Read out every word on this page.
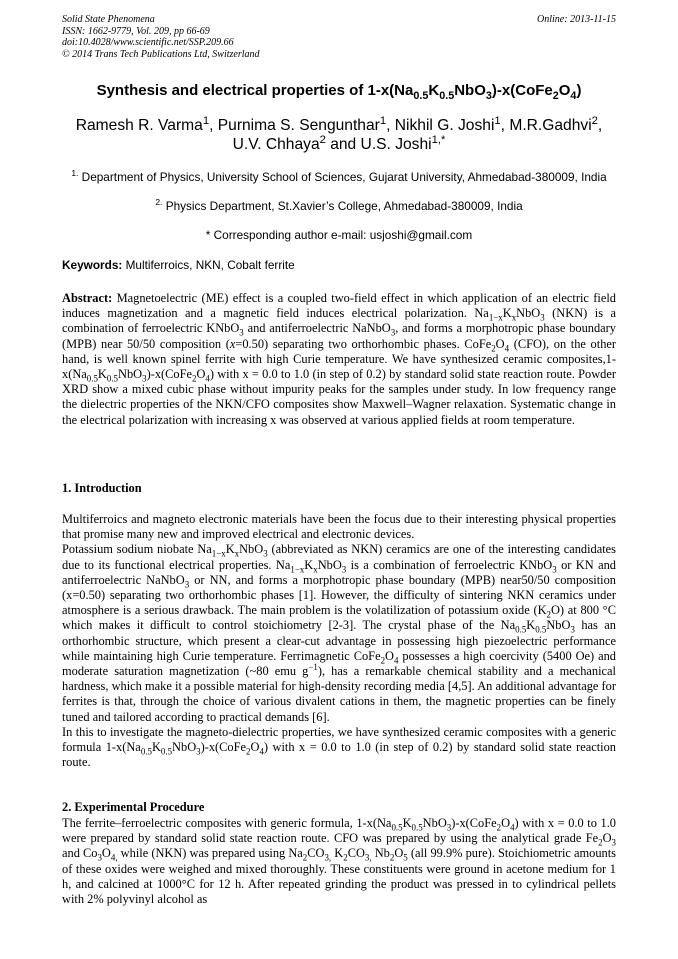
Solid State Phenomena
ISSN: 1662-9779, Vol. 209, pp 66-69
doi:10.4028/www.scientific.net/SSP.209.66
© 2014 Trans Tech Publications Ltd, Switzerland
Online: 2013-11-15
Synthesis and electrical properties of $1-x(Na_{0.5}K_{0.5}NbO_3)-x(CoFe_2O_4)$
Ramesh R. Varma$^1$, Purnima S. Sengunthar$^1$, Nikhil G. Joshi$^1$, M.R.Gadhvi$^2$,
U.V. Chhaya$^2$ and U.S. Joshi$^{1,*}$
$^{1.}$ Department of Physics, University School of Sciences, Gujarat University, Ahmedabad-380009, India
$^{2.}$ Physics Department, St.Xavier’s College, Ahmedabad-380009, India
* Corresponding author e-mail: usjoshi@gmail.com
Keywords: Multiferroics, NKN, Cobalt ferrite
Abstract: Magnetoelectric (ME) effect is a coupled two-field effect in which application of an electric field induces magnetization and a magnetic field induces electrical polarization. $Na_{1-x}K_xNbO_3$ (NKN) is a combination of ferroelectric KNbO$_3$ and antiferroelectric NaNbO$_3$, and forms a morphotropic phase boundary (MPB) near 50/50 composition (x=0.50) separating two orthorhombic phases. $CoFe_2O_4$ (CFO), on the other hand, is well known spinel ferrite with high Curie temperature. We have synthesized ceramic $composites,1-x(Na_{0.5}K_{0.5}NbO_3)-x(CoFe_2O_4)$ with x = 0.0 to 1.0 (in step of 0.2) by standard solid state reaction route. Powder XRD show a mixed cubic phase without impurity peaks for the samples under study. In low frequency range the dielectric properties of the NKN/CFO composites show Maxwell–Wagner relaxation. Systematic change in the electrical polarization with increasing x was observed at various applied fields at room temperature.
1. Introduction

Multiferroics and magneto electronic materials have been the focus due to their interesting physical properties that promise many new and improved electrical and electronic devices.

Potassium sodium niobate $Na_{1-x}K_xNbO_3$ (abbreviated as NKN) ceramics are one of the interesting candidates due to its functional electrical properties. $Na_{1-x}K_xNbO_3$ is a combination of ferroelectric KNbO$_3$ or KN and antiferroelectric NaNbO$_3$ or NN, and forms a morphotropic phase boundary (MPB) near50/50 composition (x=0.50) separating two orthorhombic phases [1]. However, the difficulty of sintering NKN ceramics under atmosphere is a serious drawback. The main problem is the volatilization of potassium oxide $(K_2O)$ at 800 °C which makes it difficult to control stoichiometry [2-3]. The crystal phase of the $Na_{0.5}K_{0.5}NbO_3$ has an orthorhombic structure, which present a clear-cut advantage in possessing high piezoelectric performance while maintaining high Curie temperature. Ferrimagnetic $CoFe_2O_4$ possesses a high coercivity (5400 Oe) and moderate saturation magnetization (~80 emu $g^{-1}$), has a remarkable chemical stability and a mechanical hardness, which make it a possible material for high-density recording media [4,5]. An additional advantage for ferrites is that, through the choice of various divalent cations in them, the magnetic properties can be finely tuned and tailored according to practical demands [6].

In this to investigate the magneto-dielectric properties, we have synthesized ceramic composites with a generic formula $1-x(Na_{0.5}K_{0.5}NbO_3)-x(CoFe_2O_4)$ with x = 0.0 to 1.0 (in step of 0.2) by standard solid state reaction route.

2. Experimental Procedure
The ferrite–ferroelectric composites with generic formula, $1-x(Na_{0.5}K_{0.5}NbO_3)-x(CoFe_2O_4)$ with x = 0.0 to 1.0 were prepared by standard solid state reaction route. CFO was prepared by using the analytical grade $Fe_2O_3$ and $Co_3O_{4,}$ while (NKN) was prepared using $Na_2CO_{3,}$ $K_2CO_{3,}$ $Nb_2O_5$ (all 99.9% pure). Stoichiometric amounts of these oxides were weighed and mixed thoroughly. These constituents were ground in acetone medium for 1 h, and calcined at 1000°C for 12 h. After repeated grinding the product was pressed in to cylindrical pellets with 2% polyvinyl alcohol as
